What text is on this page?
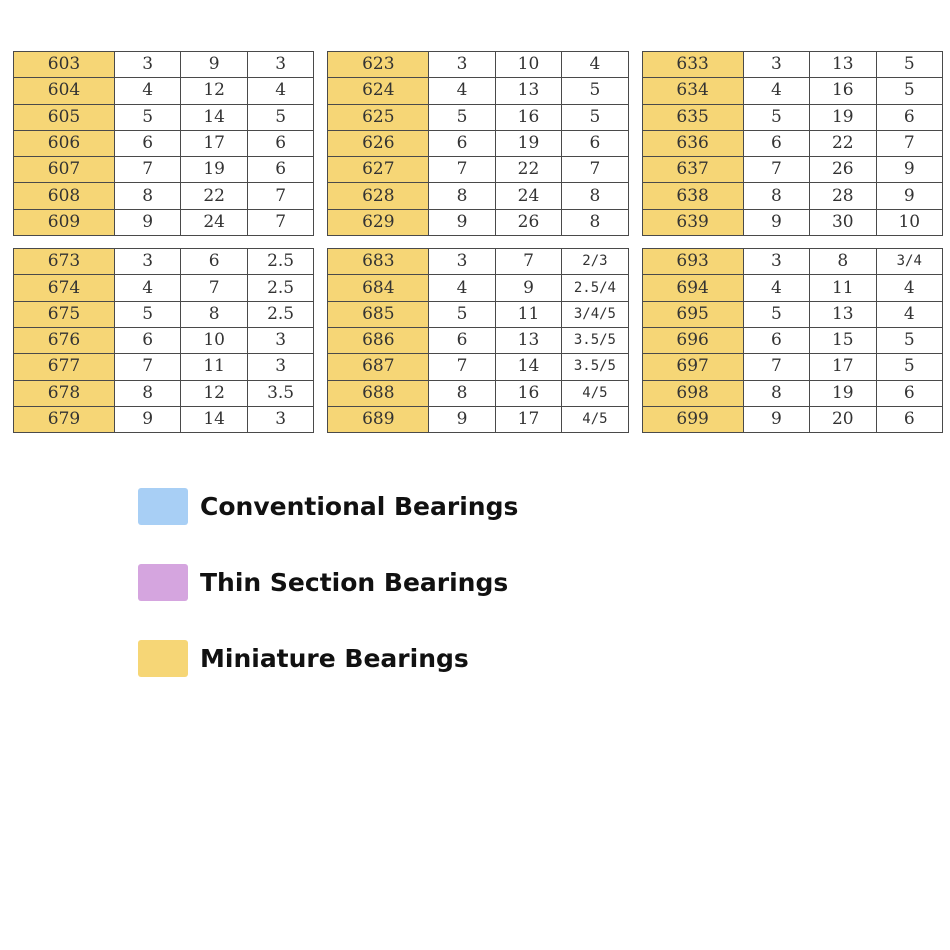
603	3	9	3
604	4	12	4
605	5	14	5
606	6	17	6
607	7	19	6
608	8	22	7
609	9	24	7
623	3	10	4
624	4	13	5
625	5	16	5
626	6	19	6
627	7	22	7
628	8	24	8
629	9	26	8
633	3	13	5
634	4	16	5
635	5	19	6
636	6	22	7
637	7	26	9
638	8	28	9
639	9	30	10
673	3	6	2.5
674	4	7	2.5
675	5	8	2.5
676	6	10	3
677	7	11	3
678	8	12	3.5
679	9	14	3
683	3	7	2/3
684	4	9	2.5/4
685	5	11	3/4/5
686	6	13	3.5/5
687	7	14	3.5/5
688	8	16	4/5
689	9	17	4/5
693	3	8	3/4
694	4	11	4
695	5	13	4
696	6	15	5
697	7	17	5
698	8	19	6
699	9	20	6
Conventional Bearings
Thin Section Bearings
Miniature Bearings
